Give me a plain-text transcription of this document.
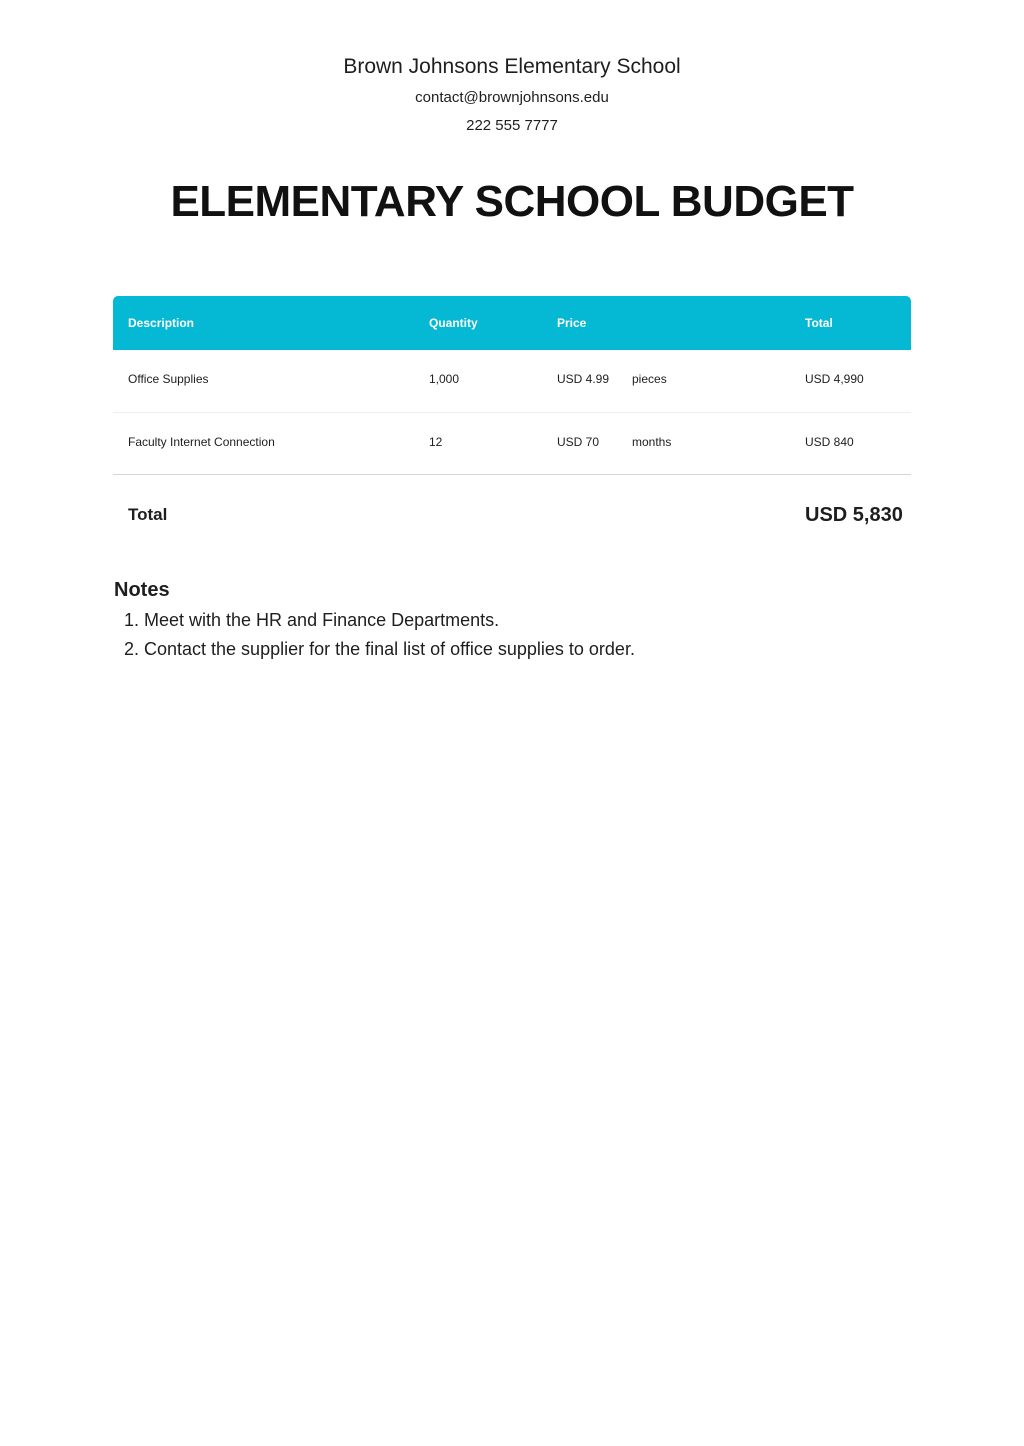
Brown Johnsons Elementary School
contact@brownjohnsons.edu
222 555 7777
ELEMENTARY SCHOOL BUDGET
Description	Quantity	Price	Total
Office Supplies	1,000	USD 4.99 pieces	USD 4,990
Faculty Internet Connection	12	USD 70	months	USD 840
Total	USD 5,830
Notes
1. Meet with the HR and Finance Departments.
2. Contact the supplier for the final list of office supplies to order.
